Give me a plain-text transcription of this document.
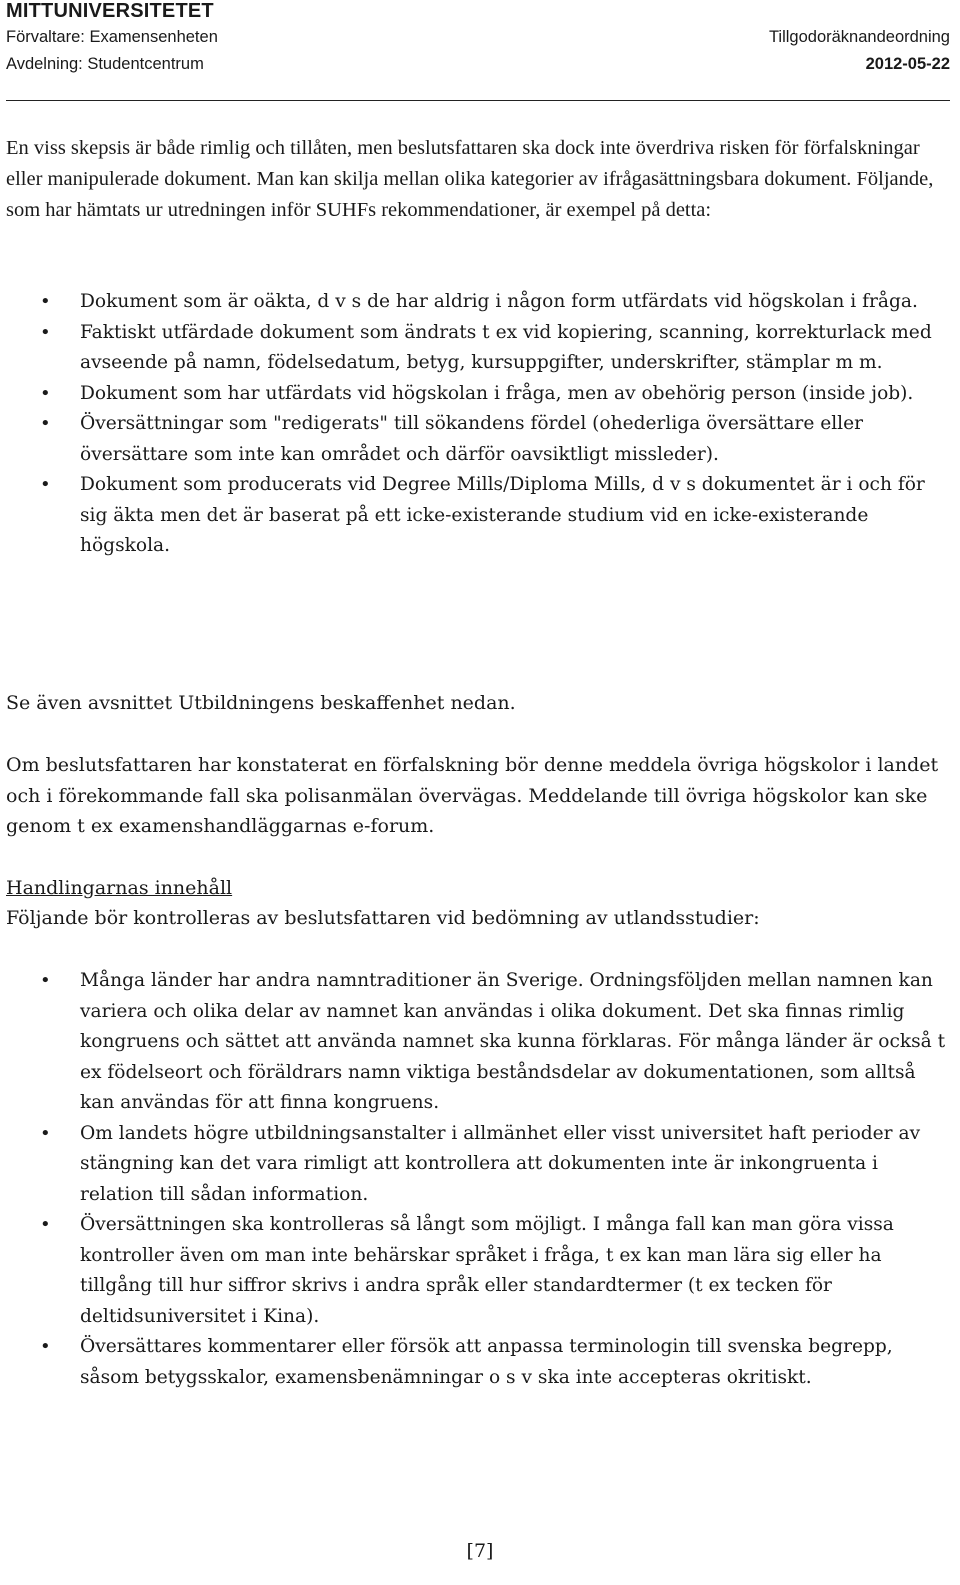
MITTUNIVERSITETET
Förvaltare: Examensenheten
Avdelning: Studentcentrum
Tillgodoräknandeordning
2012-05-22

En viss skepsis är både rimlig och tillåten, men beslutsfattaren ska dock inte överdriva risken för förfalskningar eller manipulerade dokument. Man kan skilja mellan olika kategorier av ifrågasättningsbara dokument. Följande, som har hämtats ur utredningen inför SUHFs rekommendationer, är exempel på detta:

• Dokument som är oäkta, d v s de har aldrig i någon form utfärdats vid högskolan i fråga.
• Faktiskt utfärdade dokument som ändrats t ex vid kopiering, scanning, korrekturlack med avseende på namn, födelsedatum, betyg, kursuppgifter, underskrifter, stämplar m m.
• Dokument som har utfärdats vid högskolan i fråga, men av obehörig person (inside job).
• Översättningar som "redigerats" till sökandens fördel (ohederliga översättare eller översättare som inte kan området och därför oavsiktligt missleder).
• Dokument som producerats vid Degree Mills/Diploma Mills, d v s dokumentet är i och för sig äkta men det är baserat på ett icke-existerande studium vid en icke-existerande högskola.

Se även avsnittet Utbildningens beskaffenhet nedan.

Om beslutsfattaren har konstaterat en förfalskning bör denne meddela övriga högskolor i landet och i förekommande fall ska polisanmälan övervägas. Meddelande till övriga högskolor kan ske genom t ex examenshandläggarnas e-forum.

Handlingarnas innehåll
Följande bör kontrolleras av beslutsfattaren vid bedömning av utlandsstudier:
• Många länder har andra namntraditioner än Sverige. Ordningsföljden mellan namnen kan variera och olika delar av namnet kan användas i olika dokument. Det ska finnas rimlig kongruens och sättet att använda namnet ska kunna förklaras. För många länder är också t ex födelseort och föräldrars namn viktiga beståndsdelar av dokumentationen, som alltså kan användas för att finna kongruens.
• Om landets högre utbildningsanstalter i allmänhet eller visst universitet haft perioder av stängning kan det vara rimligt att kontrollera att dokumenten inte är inkongruenta i relation till sådan information.
• Översättningen ska kontrolleras så långt som möjligt. I många fall kan man göra vissa kontroller även om man inte behärskar språket i fråga, t ex kan man lära sig eller ha tillgång till hur siffror skrivs i andra språk eller standardtermer (t ex tecken för deltidsuniversitet i Kina).
• Översättares kommentarer eller försök att anpassa terminologin till svenska begrepp, såsom betygsskalor, examensbenämningar o s v ska inte accepteras okritiskt.
[7]
